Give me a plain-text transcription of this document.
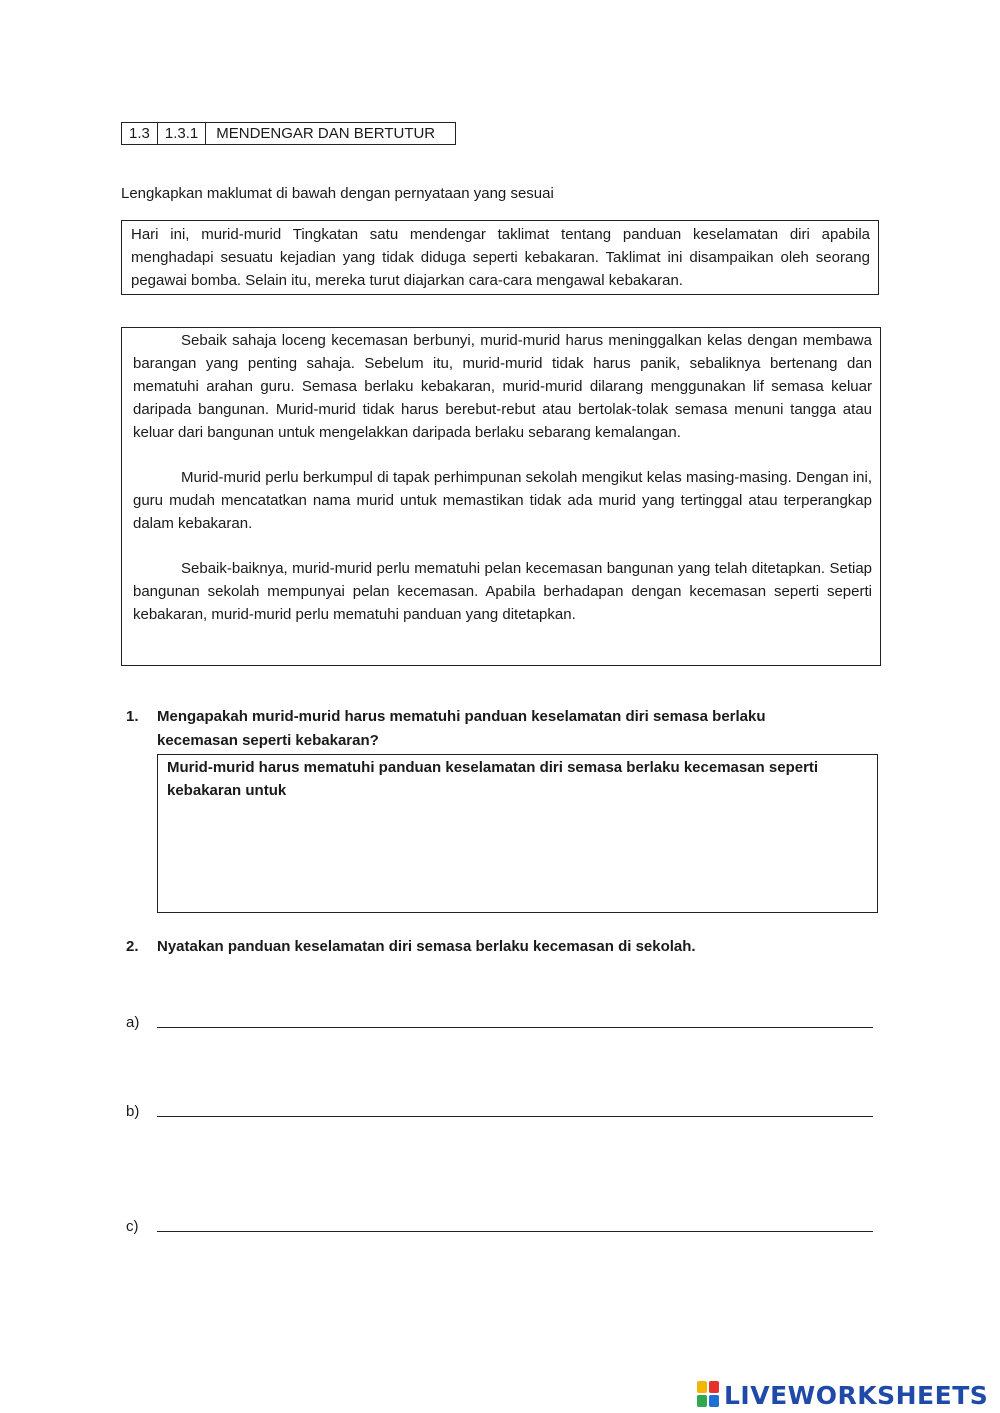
1.3	1.3.1	MENDENGAR DAN BERTUTUR

Lengkapkan maklumat di bawah dengan pernyataan yang sesuai

Hari ini, murid-murid Tingkatan satu mendengar taklimat tentang panduan keselamatan diri apabila menghadapi sesuatu kejadian yang tidak diduga seperti kebakaran. Taklimat ini disampaikan oleh seorang pegawai bomba. Selain itu, mereka turut diajarkan cara-cara mengawal kebakaran.

Sebaik sahaja loceng kecemasan berbunyi, murid-murid harus meninggalkan kelas dengan membawa barangan yang penting sahaja. Sebelum itu, murid-murid tidak harus panik, sebaliknya bertenang dan mematuhi arahan guru. Semasa berlaku kebakaran, murid-murid dilarang menggunakan lif semasa keluar daripada bangunan. Murid-murid tidak harus berebut-rebut atau bertolak-tolak semasa menuni tangga atau keluar dari bangunan untuk mengelakkan daripada berlaku sebarang kemalangan.

Murid-murid perlu berkumpul di tapak perhimpunan sekolah mengikut kelas masing-masing. Dengan ini, guru mudah mencatatkan nama murid untuk memastikan tidak ada murid yang tertinggal atau terperangkap dalam kebakaran.

Sebaik-baiknya, murid-murid perlu mematuhi pelan kecemasan bangunan yang telah ditetapkan. Setiap bangunan sekolah mempunyai pelan kecemasan. Apabila berhadapan dengan kecemasan seperti seperti kebakaran, murid-murid perlu mematuhi panduan yang ditetapkan.

1.	Mengapakah murid-murid harus mematuhi panduan keselamatan diri semasa berlaku kecemasan seperti kebakaran?
Murid-murid harus mematuhi panduan keselamatan diri semasa berlaku kecemasan seperti kebakaran untuk
2.	Nyatakan panduan keselamatan diri semasa berlaku kecemasan di sekolah.
a)
b)
c)
LIVEWORKSHEETS
